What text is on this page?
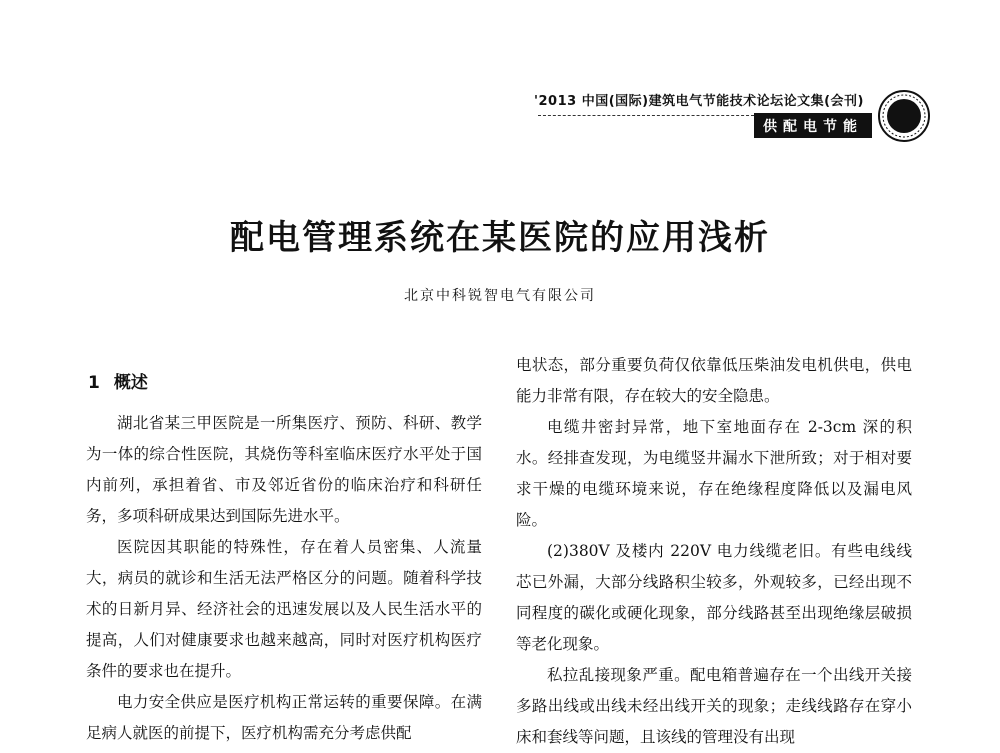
'2013 中国(国际)建筑电气节能技术论坛论文集(会刊)
供配电节能
配电管理系统在某医院的应用浅析
北京中科锐智电气有限公司
1 概述

湖北省某三甲医院是一所集医疗、预防、科研、教学为一体的综合性医院，其烧伤等科室临床医疗水平处于国内前列，承担着省、市及邻近省份的临床治疗和科研任务，多项科研成果达到国际先进水平。

医院因其职能的特殊性，存在着人员密集、人流量大，病员的就诊和生活无法严格区分的问题。随着科学技术的日新月异、经济社会的迅速发展以及人民生活水平的提高，人们对健康要求也越来越高，同时对医疗机构医疗条件的要求也在提升。

电力安全供应是医疗机构正常运转的重要保障。在满足病人就医的前提下，医疗机构需充分考虑供配

电状态，部分重要负荷仅依靠低压柴油发电机供电，供电能力非常有限，存在较大的安全隐患。

电缆井密封异常，地下室地面存在 2-3cm 深的积水。经排查发现，为电缆竖井漏水下泄所致；对于相对要求干燥的电缆环境来说，存在绝缘程度降低以及漏电风险。

(2)380V 及楼内 220V 电力线缆老旧。有些电线线芯已外漏，大部分线路积尘较多，外观较多，已经出现不同程度的碳化或硬化现象，部分线路甚至出现绝缘层破损等老化现象。

私拉乱接现象严重。配电箱普遍存在一个出线开关接多路出线或出线未经出线开关的现象；走线线路存在穿小床和套线等问题，且该线的管理没有出现
